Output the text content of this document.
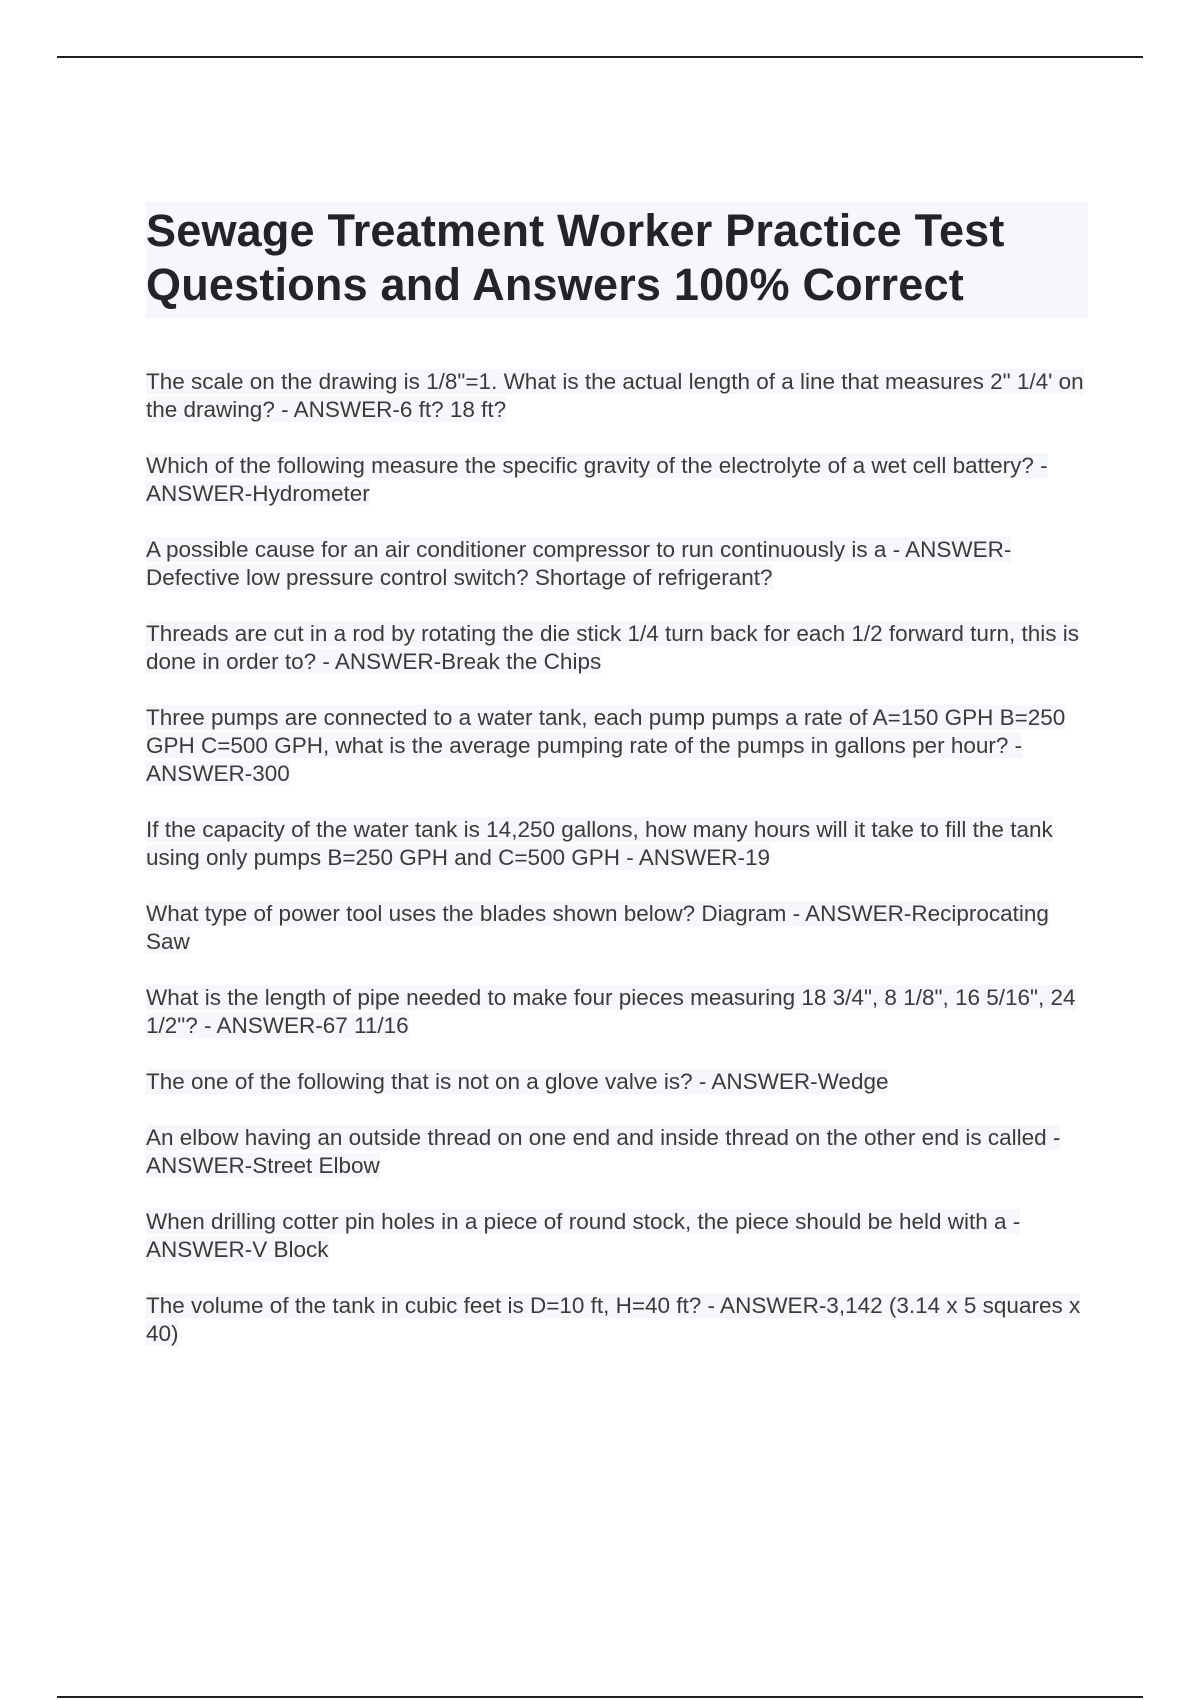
Sewage Treatment Worker Practice Test Questions and Answers 100% Correct
The scale on the drawing is 1/8"=1. What is the actual length of a line that measures 2" 1/4' on the drawing? - ANSWER-6 ft? 18 ft?
Which of the following measure the specific gravity of the electrolyte of a wet cell battery? - ANSWER-Hydrometer
A possible cause for an air conditioner compressor to run continuously is a - ANSWER-Defective low pressure control switch? Shortage of refrigerant?
Threads are cut in a rod by rotating the die stick 1/4 turn back for each 1/2 forward turn, this is done in order to? - ANSWER-Break the Chips
Three pumps are connected to a water tank, each pump pumps a rate of A=150 GPH B=250 GPH C=500 GPH, what is the average pumping rate of the pumps in gallons per hour? - ANSWER-300
If the capacity of the water tank is 14,250 gallons, how many hours will it take to fill the tank using only pumps B=250 GPH and C=500 GPH - ANSWER-19
What type of power tool uses the blades shown below? Diagram - ANSWER-Reciprocating Saw
What is the length of pipe needed to make four pieces measuring 18 3/4", 8 1/8", 16 5/16", 24 1/2"? - ANSWER-67 11/16
The one of the following that is not on a glove valve is? - ANSWER-Wedge
An elbow having an outside thread on one end and inside thread on the other end is called - ANSWER-Street Elbow
When drilling cotter pin holes in a piece of round stock, the piece should be held with a - ANSWER-V Block
The volume of the tank in cubic feet is D=10 ft, H=40 ft? - ANSWER-3,142 (3.14 x 5 squares x 40)
